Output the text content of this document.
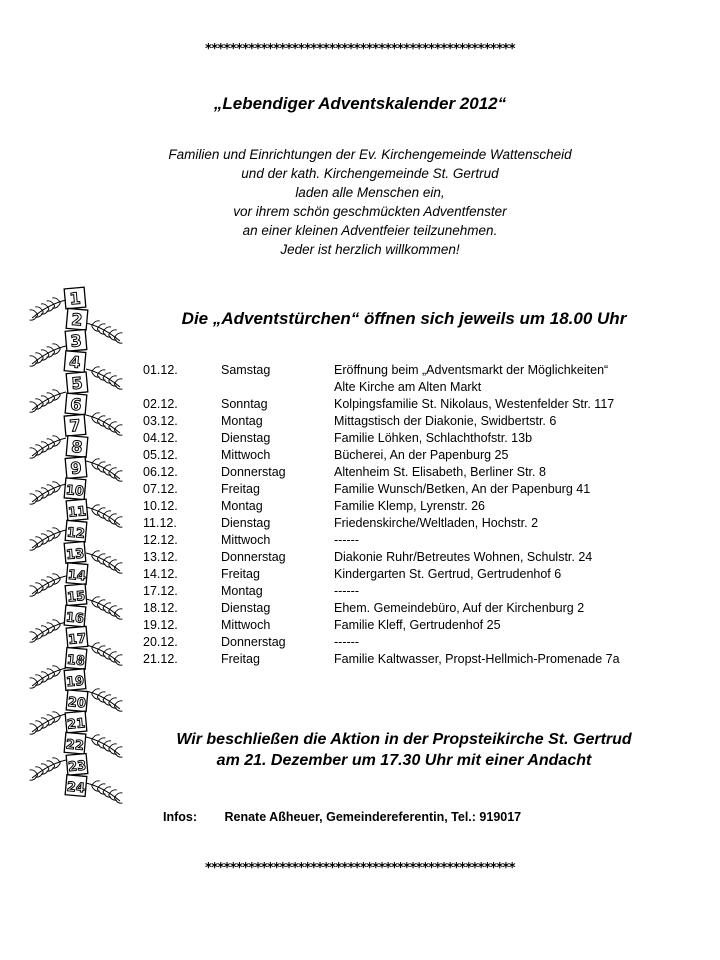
**************************************************
„Lebendiger Adventskalender 2012“
Familien und Einrichtungen der Ev. Kirchengemeinde Wattenscheid
und der kath. Kirchengemeinde St. Gertrud
laden alle Menschen ein,
vor ihrem schön geschmückten Adventfenster
an einer kleinen Adventfeier teilzunehmen.
Jeder ist herzlich willkommen!
1
2
3
4
5
6
7
8
9
10
11
12
13
14
15
16
17
18
19
20
21
22
23
24
Die „Adventstürchen“ öffnen sich jeweils um 18.00 Uhr
01.12.	Samstag	Eröffnung beim „Adventsmarkt der Möglichkeiten“
Alte Kirche am Alten Markt
02.12.	Sonntag	Kolpingsfamilie St. Nikolaus, Westenfelder Str. 117
03.12.	Montag	Mittagstisch der Diakonie, Swidbertstr. 6
04.12.	Dienstag	Familie Löhken, Schlachthofstr. 13b
05.12.	Mittwoch	Bücherei, An der Papenburg 25
06.12.	Donnerstag	Altenheim St. Elisabeth, Berliner Str. 8
07.12.	Freitag	Familie Wunsch/Betken, An der Papenburg 41
10.12.	Montag	Familie Klemp, Lyrenstr. 26
11.12.	Dienstag	Friedenskirche/Weltladen, Hochstr. 2
12.12.	Mittwoch	------
13.12.	Donnerstag	Diakonie Ruhr/Betreutes Wohnen, Schulstr. 24
14.12.	Freitag	Kindergarten St. Gertrud, Gertrudenhof 6
17.12.	Montag	------
18.12.	Dienstag	Ehem. Gemeindebüro, Auf der Kirchenburg 2
19.12.	Mittwoch	Familie Kleff, Gertrudenhof 25
20.12.	Donnerstag	------
21.12.	Freitag	Familie Kaltwasser, Propst-Hellmich-Promenade 7a
Wir beschließen die Aktion in der Propsteikirche St. Gertrud
am 21. Dezember um 17.30 Uhr mit einer Andacht
Infos: Renate Aßheuer, Gemeindereferentin, Tel.: 919017
**************************************************
